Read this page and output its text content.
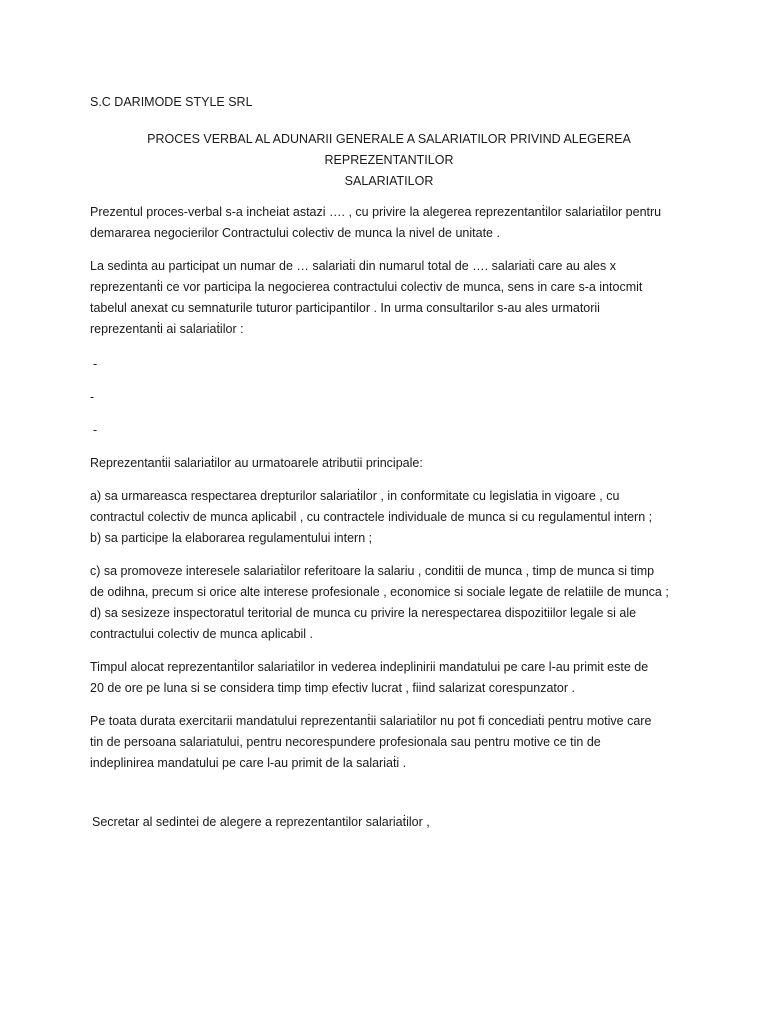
S.C DARIMODE STYLE SRL

PROCES VERBAL AL ADUNARII GENERALE A SALARIATILOR PRIVIND ALEGEREA REPREZENTANTILOR
SALARIATILOR

Prezentul proces-verbal s-a incheiat astazi …. , cu privire la alegerea reprezentanṫilor salariaṫilor pentru
demararea negocierilor Contractului colectiv de munca la nivel de unitate .

La sedinta au participat un numar de … salariaṫi din numarul total de …. salariaṫi care au ales x
reprezentanṫi ce vor participa la negocierea contractului colectiv de munca, sens in care s-a intocmit
tabelul anexat cu semnaturile tuturor participantilor . In urma consultarilor s-au ales urmatorii
reprezentanṫi ai salariaṫilor :

-

-

-

Reprezentanṫii salariaṫilor au urmatoarele atributii principale:

a) sa urmareasca respectarea drepturilor salariaṫilor , in conformitate cu legislatia in vigoare , cu
contractul colectiv de munca aplicabil , cu contractele individuale de munca si cu regulamentul intern ;
b) sa participe la elaborarea regulamentului intern ;

c) sa promoveze interesele salariaṫilor referitoare la salariu , conditii de munca , timp de munca si timp
de odihna, precum si orice alte interese profesionale , economice si sociale legate de relatiile de munca ;
d) sa sesizeze inspectoratul teritorial de munca cu privire la nerespectarea dispozitiilor legale si ale
contractului colectiv de munca aplicabil .

Timpul alocat reprezentanṫilor salariaṫilor in vederea indeplinirii mandatului pe care l-au primit este de
20 de ore pe luna si se considera timp timp efectiv lucrat , fiind salarizat corespunzator .

Pe toata durata exercitarii mandatului reprezentanṫii salariaṫilor nu pot fi concediaṫi pentru motive care
tin de persoana salariatului, pentru necorespundere profesionala sau pentru motive ce tin de
indeplinirea mandatului pe care l-au primit de la salariaṫi .

Secretar al sedintei de alegere a reprezentantilor salariaṫilor ,
